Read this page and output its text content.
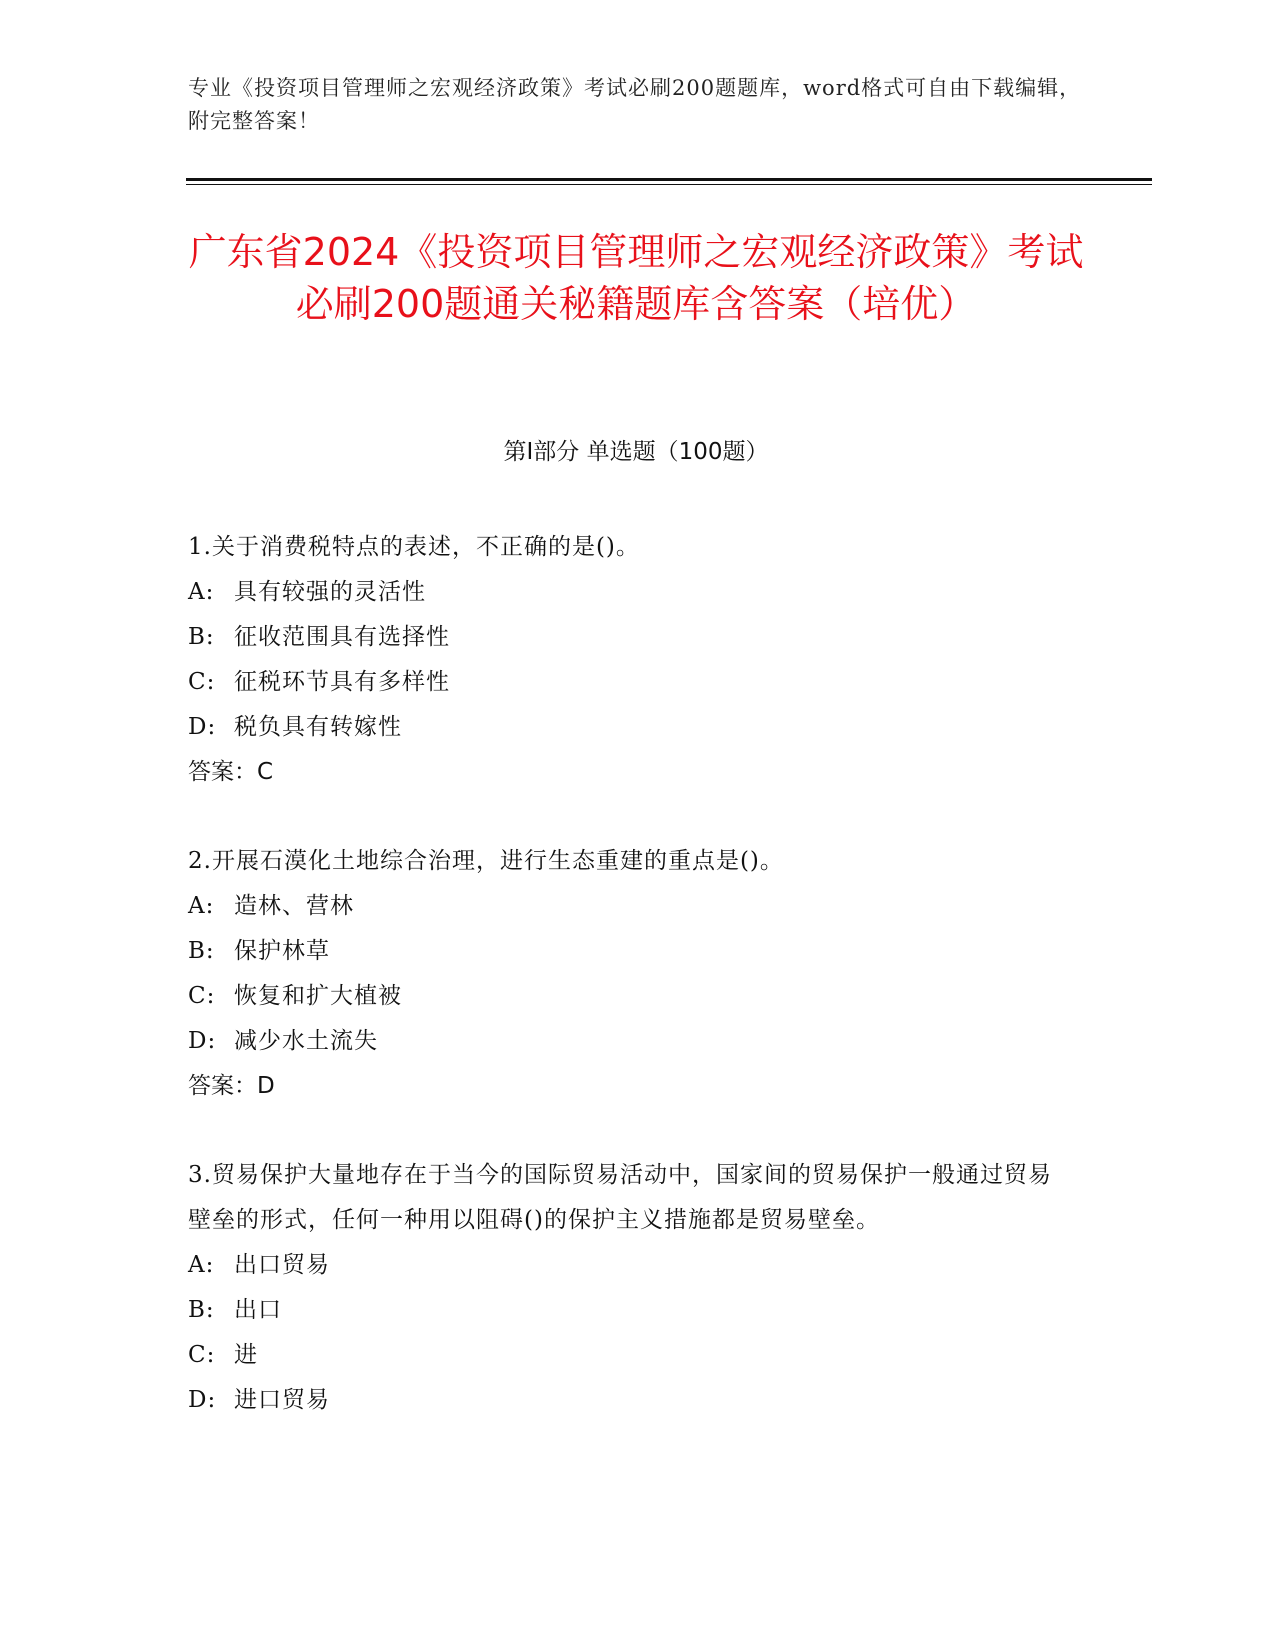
专业《投资项目管理师之宏观经济政策》考试必刷200题题库，word格式可自由下载编辑，附完整答案！
广东省2024《投资项目管理师之宏观经济政策》考试必刷200题通关秘籍题库含答案（培优）
第Ⅰ部分 单选题（100题）
1.关于消费税特点的表述，不正确的是()。
A: 具有较强的灵活性
B: 征收范围具有选择性
C: 征税环节具有多样性
D: 税负具有转嫁性
答案：C
2.开展石漠化土地综合治理，进行生态重建的重点是()。
A: 造林、营林
B: 保护林草
C: 恢复和扩大植被
D: 减少水土流失
答案：D
3.贸易保护大量地存在于当今的国际贸易活动中，国家间的贸易保护一般通过贸易壁垒的形式，任何一种用以阻碍()的保护主义措施都是贸易壁垒。
A: 出口贸易
B: 出口
C: 进
D: 进口贸易
